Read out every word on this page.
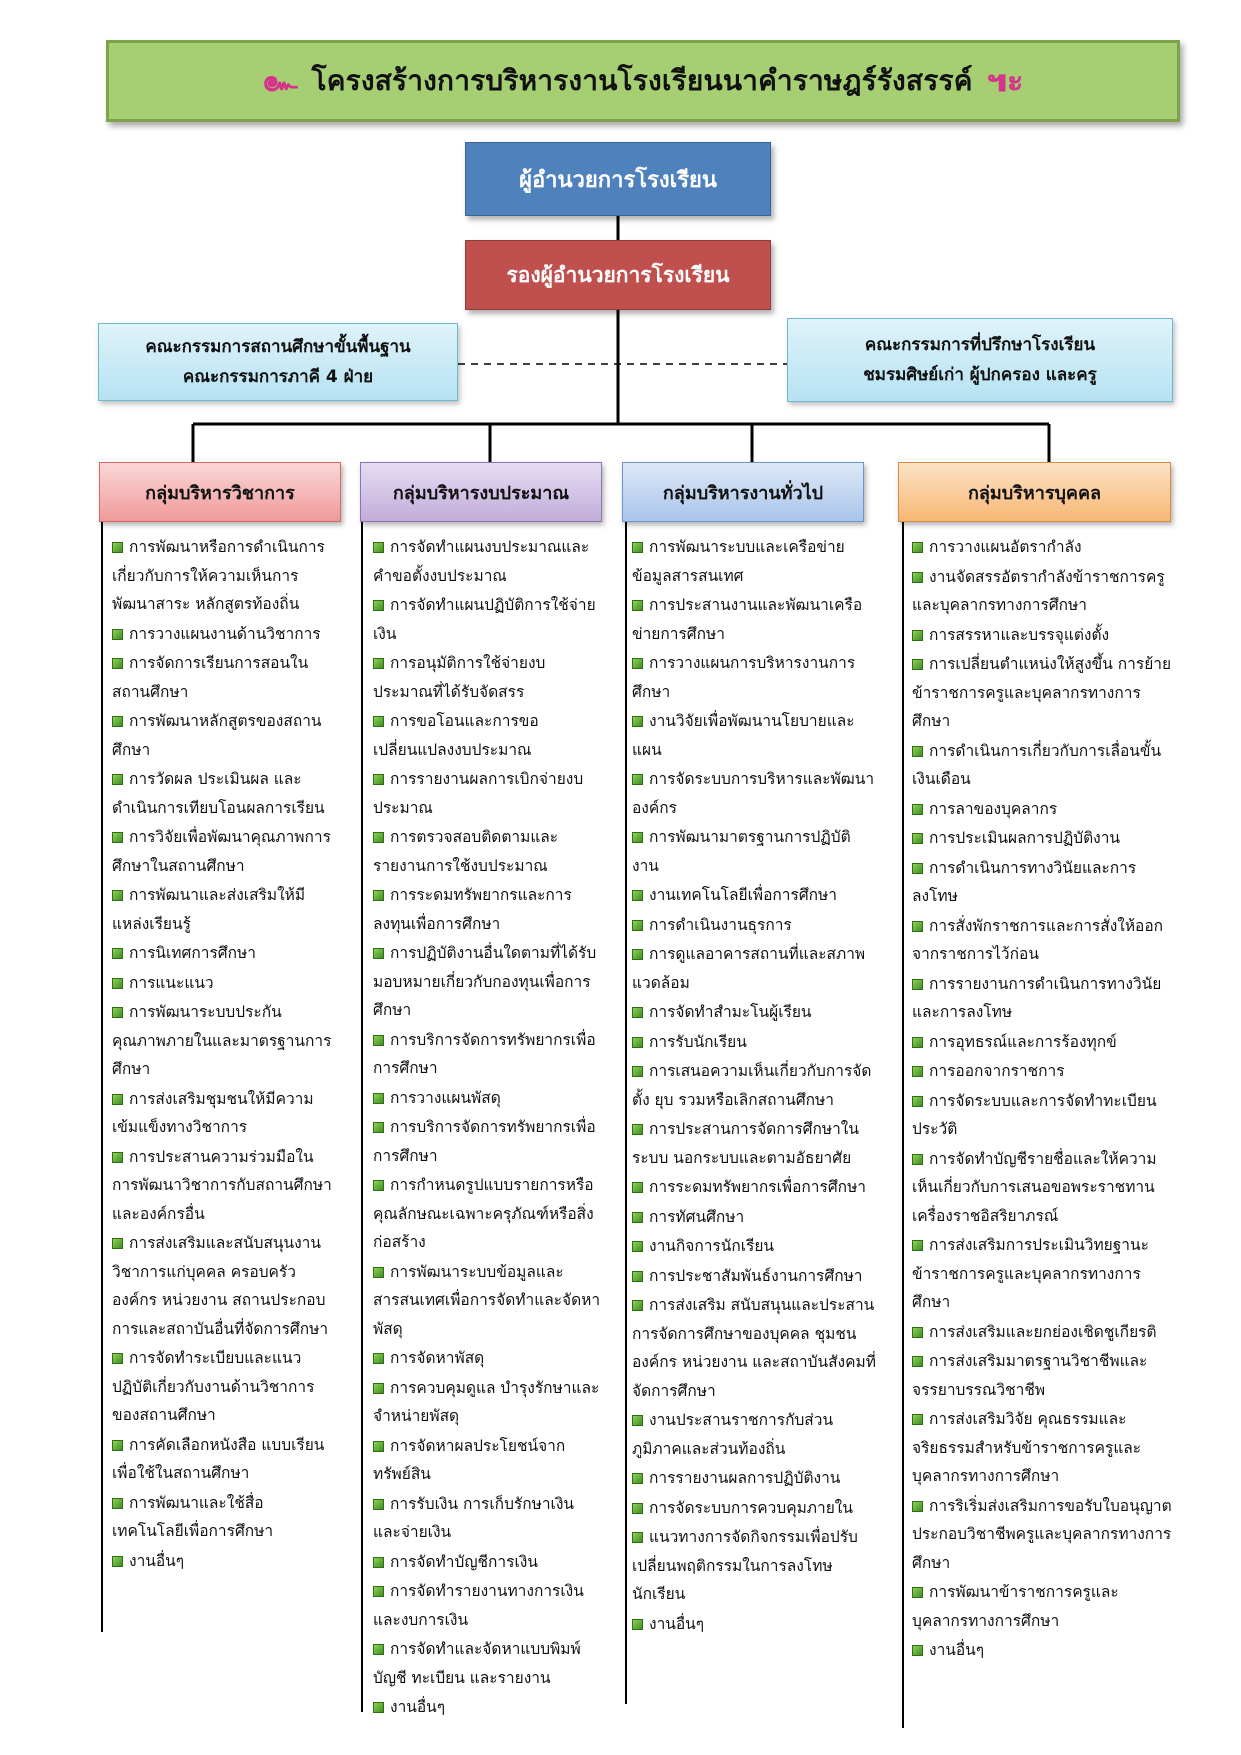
๛ โครงสร้างการบริหารงานโรงเรียนนาคำราษฎร์รังสรรค์ ๚ะ
ผู้อำนวยการโรงเรียน
รองผู้อำนวยการโรงเรียน
คณะกรรมการสถานศึกษาขั้นพื้นฐาน
คณะกรรมการภาคี 4 ฝ่าย
คณะกรรมการที่ปรึกษาโรงเรียน
ชมรมศิษย์เก่า ผู้ปกครอง และครู
กลุ่มบริหารวิชาการ	กลุ่มบริหารงบประมาณ	กลุ่มบริหารงานทั่วไป	กลุ่มบริหารบุคคล
การพัฒนาหรือการดำเนินการเกี่ยวกับการให้ความเห็นการพัฒนาสาระ หลักสูตรท้องถิ่น
การวางแผนงานด้านวิชาการ
การจัดการเรียนการสอนในสถานศึกษา
การพัฒนาหลักสูตรของสถานศึกษา
การวัดผล ประเมินผล และดำเนินการเทียบโอนผลการเรียน
การวิจัยเพื่อพัฒนาคุณภาพการศึกษาในสถานศึกษา
การพัฒนาและส่งเสริมให้มีแหล่งเรียนรู้
การนิเทศการศึกษา
การแนะแนว
การพัฒนาระบบประกันคุณภาพภายในและมาตรฐานการศึกษา
การส่งเสริมชุมชนให้มีความเข้มแข็งทางวิชาการ
การประสานความร่วมมือในการพัฒนาวิชาการกับสถานศึกษาและองค์กรอื่น
การส่งเสริมและสนับสนุนงานวิชาการแก่บุคคล ครอบครัว องค์กร หน่วยงาน สถานประกอบการและสถาบันอื่นที่จัดการศึกษา
การจัดทำระเบียบและแนวปฏิบัติเกี่ยวกับงานด้านวิชาการของสถานศึกษา
การคัดเลือกหนังสือ แบบเรียนเพื่อใช้ในสถานศึกษา
การพัฒนาและใช้สื่อเทคโนโลยีเพื่อการศึกษา
งานอื่นๆ
การจัดทำแผนงบประมาณและคำขอตั้งงบประมาณ
การจัดทำแผนปฏิบัติการใช้จ่ายเงิน
การอนุมัติการใช้จ่ายงบประมาณที่ได้รับจัดสรร
การขอโอนและการขอเปลี่ยนแปลงงบประมาณ
การรายงานผลการเบิกจ่ายงบประมาณ
การตรวจสอบติดตามและรายงานการใช้งบประมาณ
การระดมทรัพยากรและการลงทุนเพื่อการศึกษา
การปฏิบัติงานอื่นใดตามที่ได้รับมอบหมายเกี่ยวกับกองทุนเพื่อการศึกษา
การบริการจัดการทรัพยากรเพื่อการศึกษา
การวางแผนพัสดุ
การบริการจัดการทรัพยากรเพื่อการศึกษา
การกำหนดรูปแบบรายการหรือคุณลักษณะเฉพาะครุภัณฑ์หรือสิ่งก่อสร้าง
การพัฒนาระบบข้อมูลและสารสนเทศเพื่อการจัดทำและจัดหาพัสดุ
การจัดหาพัสดุ
การควบคุมดูแล บำรุงรักษาและจำหน่ายพัสดุ
การจัดหาผลประโยชน์จากทรัพย์สิน
การรับเงิน การเก็บรักษาเงินและจ่ายเงิน
การจัดทำบัญชีการเงิน
การจัดทำรายงานทางการเงินและงบการเงิน
การจัดทำและจัดหาแบบพิมพ์บัญชี ทะเบียน และรายงาน
งานอื่นๆ
การพัฒนาระบบและเครือข่ายข้อมูลสารสนเทศ
การประสานงานและพัฒนาเครือข่ายการศึกษา
การวางแผนการบริหารงานการศึกษา
งานวิจัยเพื่อพัฒนานโยบายและแผน
การจัดระบบการบริหารและพัฒนาองค์กร
การพัฒนามาตรฐานการปฏิบัติงาน
งานเทคโนโลยีเพื่อการศึกษา
การดำเนินงานธุรการ
การดูแลอาคารสถานที่และสภาพแวดล้อม
การจัดทำสำมะโนผู้เรียน
การรับนักเรียน
การเสนอความเห็นเกี่ยวกับการจัดตั้ง ยุบ รวมหรือเลิกสถานศึกษา
การประสานการจัดการศึกษาในระบบ นอกระบบและตามอัธยาศัย
การระดมทรัพยากรเพื่อการศึกษา
การทัศนศึกษา
งานกิจการนักเรียน
การประชาสัมพันธ์งานการศึกษา
การส่งเสริม สนับสนุนและประสานการจัดการศึกษาของบุคคล ชุมชน องค์กร หน่วยงาน และสถาบันสังคมที่จัดการศึกษา
งานประสานราชการกับส่วนภูมิภาคและส่วนท้องถิ่น
การรายงานผลการปฏิบัติงาน
การจัดระบบการควบคุมภายใน
แนวทางการจัดกิจกรรมเพื่อปรับเปลี่ยนพฤติกรรมในการลงโทษนักเรียน
งานอื่นๆ
การวางแผนอัตรากำลัง
งานจัดสรรอัตรากำลังข้าราชการครูและบุคลากรทางการศึกษา
การสรรหาและบรรจุแต่งตั้ง
การเปลี่ยนตำแหน่งให้สูงขึ้น การย้ายข้าราชการครูและบุคลากรทางการศึกษา
การดำเนินการเกี่ยวกับการเลื่อนขั้นเงินเดือน
การลาของบุคลากร
การประเมินผลการปฏิบัติงาน
การดำเนินการทางวินัยและการลงโทษ
การสั่งพักราชการและการสั่งให้ออกจากราชการไว้ก่อน
การรายงานการดำเนินการทางวินัยและการลงโทษ
การอุทธรณ์และการร้องทุกข์
การออกจากราชการ
การจัดระบบและการจัดทำทะเบียนประวัติ
การจัดทำบัญชีรายชื่อและให้ความเห็นเกี่ยวกับการเสนอขอพระราชทานเครื่องราชอิสริยาภรณ์
การส่งเสริมการประเมินวิทยฐานะข้าราชการครูและบุคลากรทางการศึกษา
การส่งเสริมและยกย่องเชิดชูเกียรติ
การส่งเสริมมาตรฐานวิชาชีพและจรรยาบรรณวิชาชีพ
การส่งเสริมวิจัย คุณธรรมและจริยธรรมสำหรับข้าราชการครูและบุคลากรทางการศึกษา
การริเริ่มส่งเสริมการขอรับใบอนุญาตประกอบวิชาชีพครูและบุคลากรทางการศึกษา
การพัฒนาข้าราชการครูและบุคลากรทางการศึกษา
งานอื่นๆ
